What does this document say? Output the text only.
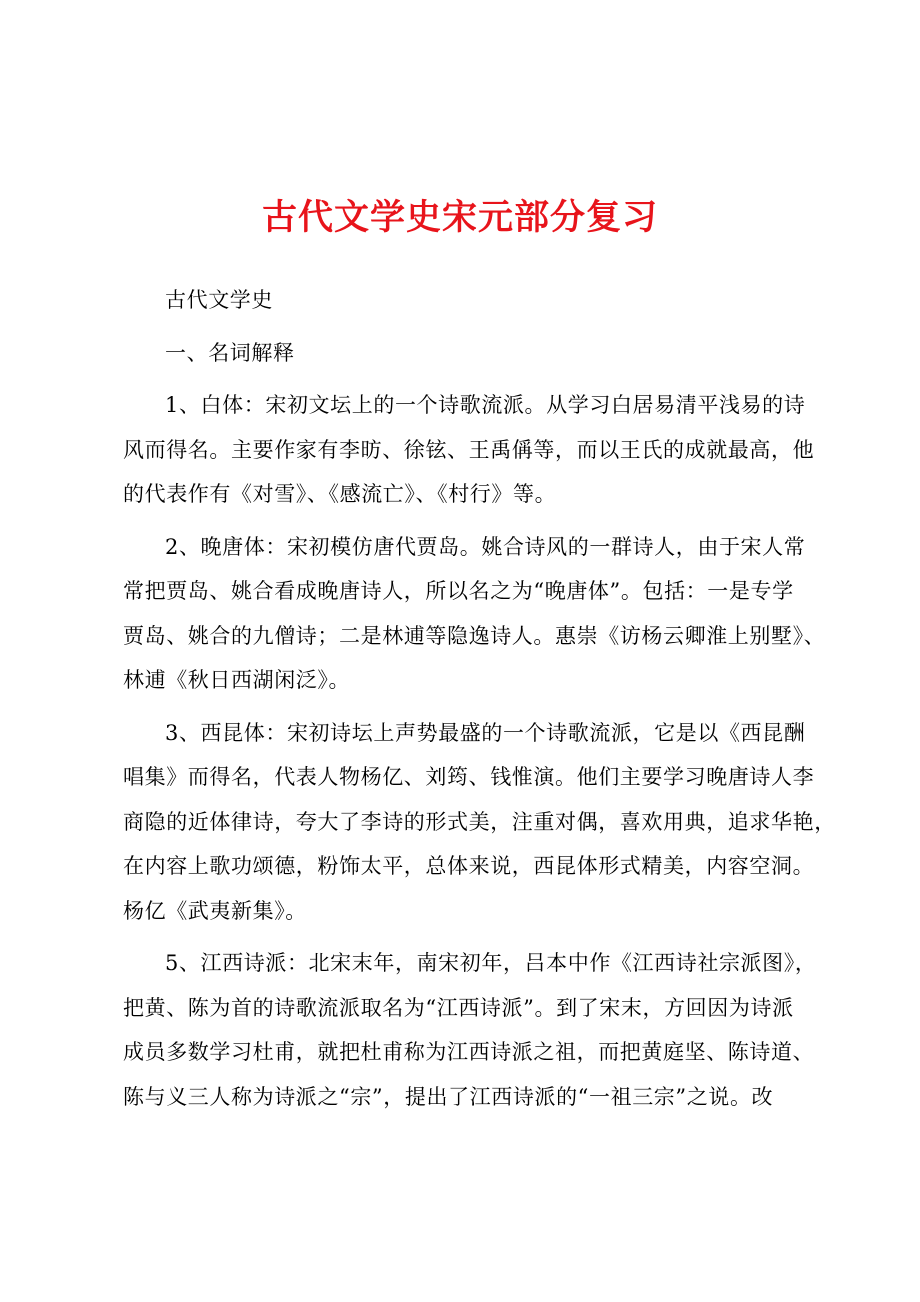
古代文学史宋元部分复习

古代文学史

一、名词解释

1、白体：宋初文坛上的一个诗歌流派。从学习白居易清平浅易的诗
风而得名。主要作家有李昉、徐铉、王禹偁等，而以王氏的成就最高，他
的代表作有《对雪》、《感流亡》、《村行》等。

2、晚唐体：宋初模仿唐代贾岛。姚合诗风的一群诗人，由于宋人常
常把贾岛、姚合看成晚唐诗人，所以名之为“晚唐体”。包括：一是专学
贾岛、姚合的九僧诗；二是林逋等隐逸诗人。惠崇《访杨云卿淮上别墅》、
林逋《秋日西湖闲泛》。

3、西昆体：宋初诗坛上声势最盛的一个诗歌流派，它是以《西昆酬
唱集》而得名，代表人物杨亿、刘筠、钱惟演。他们主要学习晚唐诗人李
商隐的近体律诗，夸大了李诗的形式美，注重对偶，喜欢用典，追求华艳，
在内容上歌功颂德，粉饰太平，总体来说，西昆体形式精美，内容空洞。
杨亿《武夷新集》。

5、江西诗派：北宋末年，南宋初年，吕本中作《江西诗社宗派图》，
把黄、陈为首的诗歌流派取名为“江西诗派”。到了宋末，方回因为诗派
成员多数学习杜甫，就把杜甫称为江西诗派之祖，而把黄庭坚、陈诗道、
陈与义三人称为诗派之“宗”，提出了江西诗派的“一祖三宗”之说。改
